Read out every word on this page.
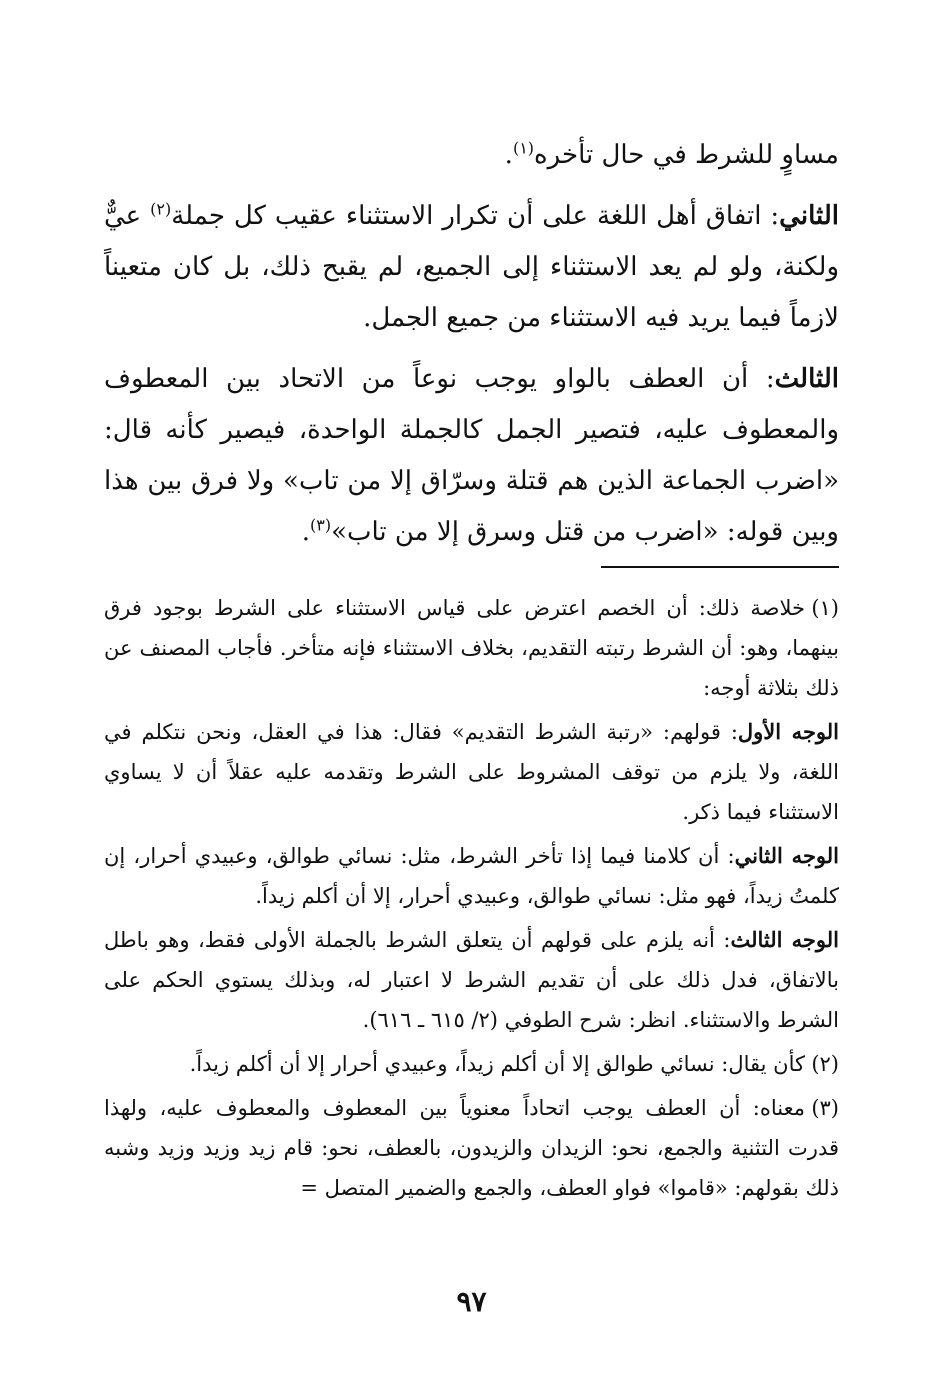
مساوٍ للشرط في حال تأخره$^{(١)}$.

الثاني: اتفاق أهل اللغة على أن تكرار الاستثناء عقيب كل جملة$^{(٢)}$ عيٌّ ولكنة، ولو لم يعد الاستثناء إلى الجميع، لم يقبح ذلك، بل كان متعيناً لازماً فيما يريد فيه الاستثناء من جميع الجمل.

الثالث: أن العطف بالواو يوجب نوعاً من الاتحاد بين المعطوف والمعطوف عليه، فتصير الجمل كالجملة الواحدة، فيصير كأنه قال: «اضرب الجماعة الذين هم قتلة وسرّاق إلا من تاب» ولا فرق بين هذا وبين قوله: «اضرب من قتل وسرق إلا من تاب»$^{(٣)}$.

(١)خلاصة ذلك: أن الخصم اعترض على قياس الاستثناء على الشرط بوجود فرق بينهما، وهو: أن الشرط رتبته التقديم، بخلاف الاستثناء فإنه متأخر. فأجاب المصنف عن ذلك بثلاثة أوجه:

الوجه الأول: قولهم: «رتبة الشرط التقديم» فقال: هذا في العقل، ونحن نتكلم في اللغة، ولا يلزم من توقف المشروط على الشرط وتقدمه عليه عقلاً أن لا يساوي الاستثناء فيما ذكر.

الوجه الثاني: أن كلامنا فيما إذا تأخر الشرط، مثل: نسائي طوالق، وعبيدي أحرار، إن كلمتُ زيداً، فهو مثل: نسائي طوالق، وعبيدي أحرار، إلا أن أكلم زيداً.

الوجه الثالث: أنه يلزم على قولهم أن يتعلق الشرط بالجملة الأولى فقط، وهو باطل بالاتفاق، فدل ذلك على أن تقديم الشرط لا اعتبار له، وبذلك يستوي الحكم على الشرط والاستثناء. انظر: شرح الطوفي (٢/ ٦١٥ ـ ٦١٦).

(٢)كأن يقال: نسائي طوالق إلا أن أكلم زيداً، وعبيدي أحرار إلا أن أكلم زيداً.

(٣)معناه: أن العطف يوجب اتحاداً معنوياً بين المعطوف والمعطوف عليه، ولهذا قدرت التثنية والجمع، نحو: الزيدان والزيدون، بالعطف، نحو: قام زيد وزيد وزيد وشبه ذلك بقولهم: «قاموا» فواو العطف، والجمع والضمير المتصل =

٩٧
